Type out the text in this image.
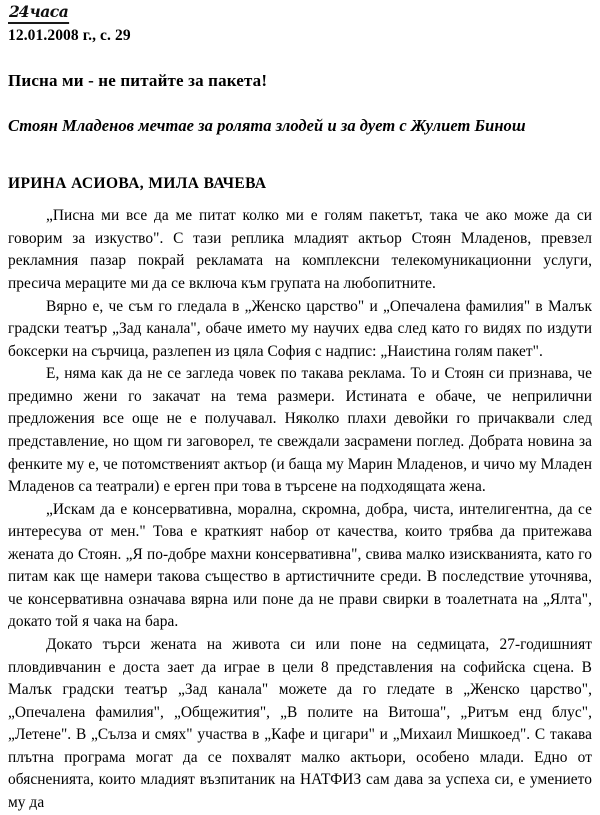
24часа
12.01.2008 г., с. 29
Писна ми - не питайте за пакета!
Стоян Младенов мечтае за ролята злодей и за дует с Жулиет Бинош
ИРИНА АСИОВА, МИЛА ВАЧЕВА

„Писна ми все да ме питат колко ми е голям пакетът, така че ако може да си говорим за изкуство". С тази реплика младият актьор Стоян Младенов, превзел рекламния пазар покрай рекламата на комплексни телекомуникационни услуги, пресича мераците ми да се включа към групата на любопитните.

Вярно е, че съм го гледала в „Женско царство" и „Опечалена фамилия" в Малък градски театър „Зад канала", обаче името му научих едва след като го видях по издути боксерки на сърчица, разлепен из цяла София с надпис: „Наистина голям пакет".

Е, няма как да не се загледа човек по такава реклама. То и Стоян си признава, че предимно жени го закачат на тема размери. Истината е обаче, че неприлични предложения все още не е получавал. Няколко плахи девойки го причаквали след представление, но щом ги заговорел, те свеждали засрамени поглед. Добрата новина за фенките му е, че потомственият актьор (и баща му Марин Младенов, и чичо му Младен Младенов са театрали) е ерген при това в търсене на подходящата жена.

„Искам да е консервативна, морална, скромна, добра, чиста, интелигентна, да се интересува от мен." Това е краткият набор от качества, които трябва да притежава жената до Стоян. „Я по-добре махни консервативна", свива малко изискванията, като го питам как ще намери такова същество в артистичните среди. В последствие уточнява, че консервативна означава вярна или поне да не прави свирки в тоалетната на „Ялта", докато той я чака на бара.

Докато търси жената на живота си или поне на седмицата, 27-годишният пловдивчанин е доста зает да играе в цели 8 представления на софийска сцена. В Малък градски театър „Зад канала" можете да го гледате в „Женско царство", „Опечалена фамилия", „Общежития", „В полите на Витоша", „Ритъм енд блус", „Летене". В „Сълза и смях" участва в „Кафе и цигари" и „Михаил Мишкоед". С такава плътна програма могат да се похвалят малко актьори, особено млади. Едно от обясненията, които младият възпитаник на НАТФИЗ сам дава за успеха си, е умението му да
